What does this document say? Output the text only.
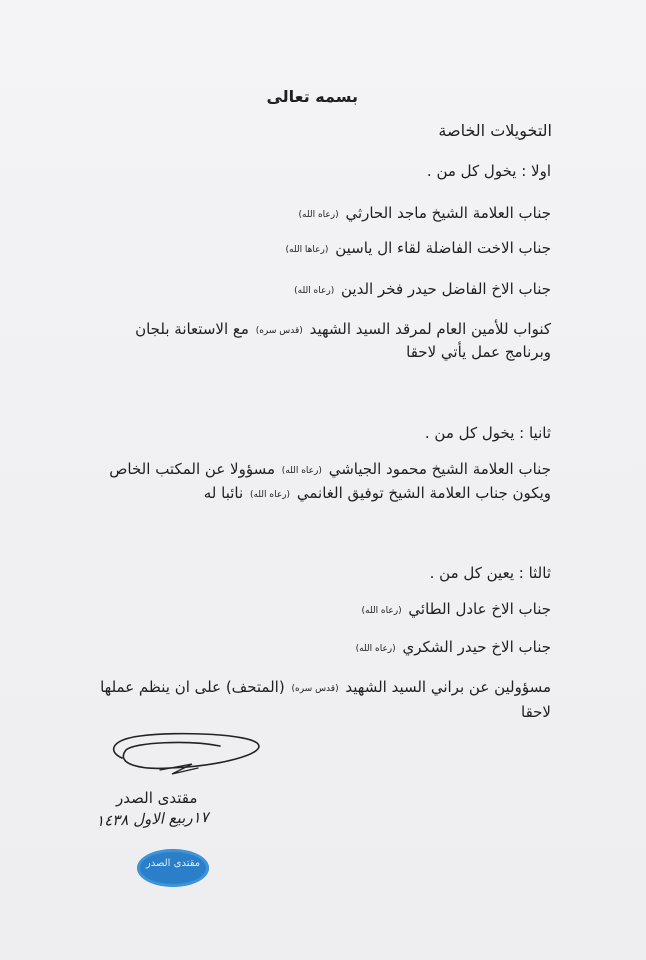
بسمه تعالى
التخويلات الخاصة
اولا : يخول كل من .
جناب العلامة الشيخ ماجد الحارثي (رعاه الله)
جناب الاخت الفاضلة لقاء ال ياسين (رعاها الله)
جناب الاخ الفاضل حيدر فخر الدين (رعاه الله)
كنواب للأمين العام لمرقد السيد الشهيد (قدس سره) مع الاستعانة بلجان
وبرنامج عمل يأتي لاحقا
ثانيا : يخول كل من .
جناب العلامة الشيخ محمود الجياشي (رعاه الله) مسؤولا عن المكتب الخاص
ويكون جناب العلامة الشيخ توفيق الغانمي (رعاه الله) نائبا له
ثالثا : يعين كل من .
جناب الاخ عادل الطائي (رعاه الله)
جناب الاخ حيدر الشكري (رعاه الله)
مسؤولين عن براني السيد الشهيد (قدس سره) (المتحف) على ان ينظم عملها
لاحقا
مقتدى الصدر
١٧ربيع الاول ١٤٣٨
مقتدى الصدر
